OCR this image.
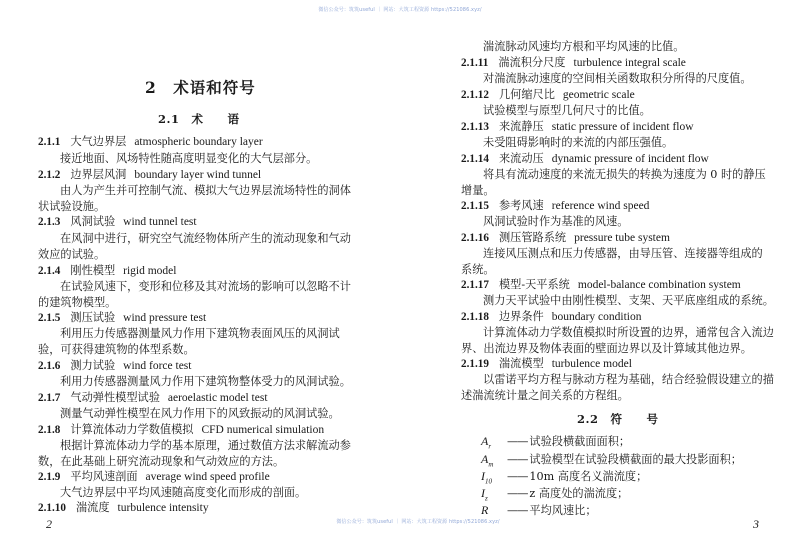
微信公众号：筑筑useful ｜ 网站：大筑工程资源 https://521086.xyz/
微信公众号：筑筑useful ｜ 网站：大筑工程资源 https://521086.xyz/
2　术语和符号
2.1　术　　语
2.1.1 大气边界层 atmospheric boundary layer
接近地面、风场特性随高度明显变化的大气层部分。
2.1.2 边界层风洞 boundary layer wind tunnel
由人为产生并可控制气流、模拟大气边界层流场特性的洞体
状试验设施。
2.1.3 风洞试验 wind tunnel test
在风洞中进行，研究空气流经物体所产生的流动现象和气动
效应的试验。
2.1.4 刚性模型 rigid model
在试验风速下，变形和位移及其对流场的影响可以忽略不计
的建筑物模型。
2.1.5 测压试验 wind pressure test
利用压力传感器测量风力作用下建筑物表面风压的风洞试
验，可获得建筑物的体型系数。
2.1.6 测力试验 wind force test
利用力传感器测量风力作用下建筑物整体受力的风洞试验。
2.1.7 气动弹性模型试验 aeroelastic model test
测量气动弹性模型在风力作用下的风致振动的风洞试验。
2.1.8 计算流体动力学数值模拟 CFD numerical simulation
根据计算流体动力学的基本原理，通过数值方法求解流动参
数，在此基础上研究流动现象和气动效应的方法。
2.1.9 平均风速剖面 average wind speed profile
大气边界层中平均风速随高度变化而形成的剖面。
2.1.10 湍流度 turbulence intensity
2
湍流脉动风速均方根和平均风速的比值。
2.1.11 湍流积分尺度 turbulence integral scale
对湍流脉动速度的空间相关函数取积分所得的尺度值。
2.1.12 几何缩尺比 geometric scale
试验模型与原型几何尺寸的比值。
2.1.13 来流静压 static pressure of incident flow
未受阻碍影响时的来流的内部压强值。
2.1.14 来流动压 dynamic pressure of incident flow
将具有流动速度的来流无损失的转换为速度为 0 时的静压
增量。
2.1.15 参考风速 reference wind speed
风洞试验时作为基准的风速。
2.1.16 测压管路系统 pressure tube system
连接风压测点和压力传感器，由导压管、连接器等组成的
系统。
2.1.17 模型-天平系统 model-balance combination system
测力天平试验中由刚性模型、支架、天平底座组成的系统。
2.1.18 边界条件 boundary condition
计算流体动力学数值模拟时所设置的边界，通常包含入流边
界、出流边界及物体表面的壁面边界以及计算域其他边界。
2.1.19 湍流模型 turbulence model
以雷诺平均方程与脉动方程为基础，结合经验假设建立的描
述湍流统计量之间关系的方程组。
2.2　符　　号
$A_r$ —— 试验段横截面面积；
$A_m$ —— 试验模型在试验段横截面的最大投影面积；
$I_{10}$ —— 10m 高度名义湍流度；
$I_z$ —— z 高度处的湍流度；
R —— 平均风速比；
3
